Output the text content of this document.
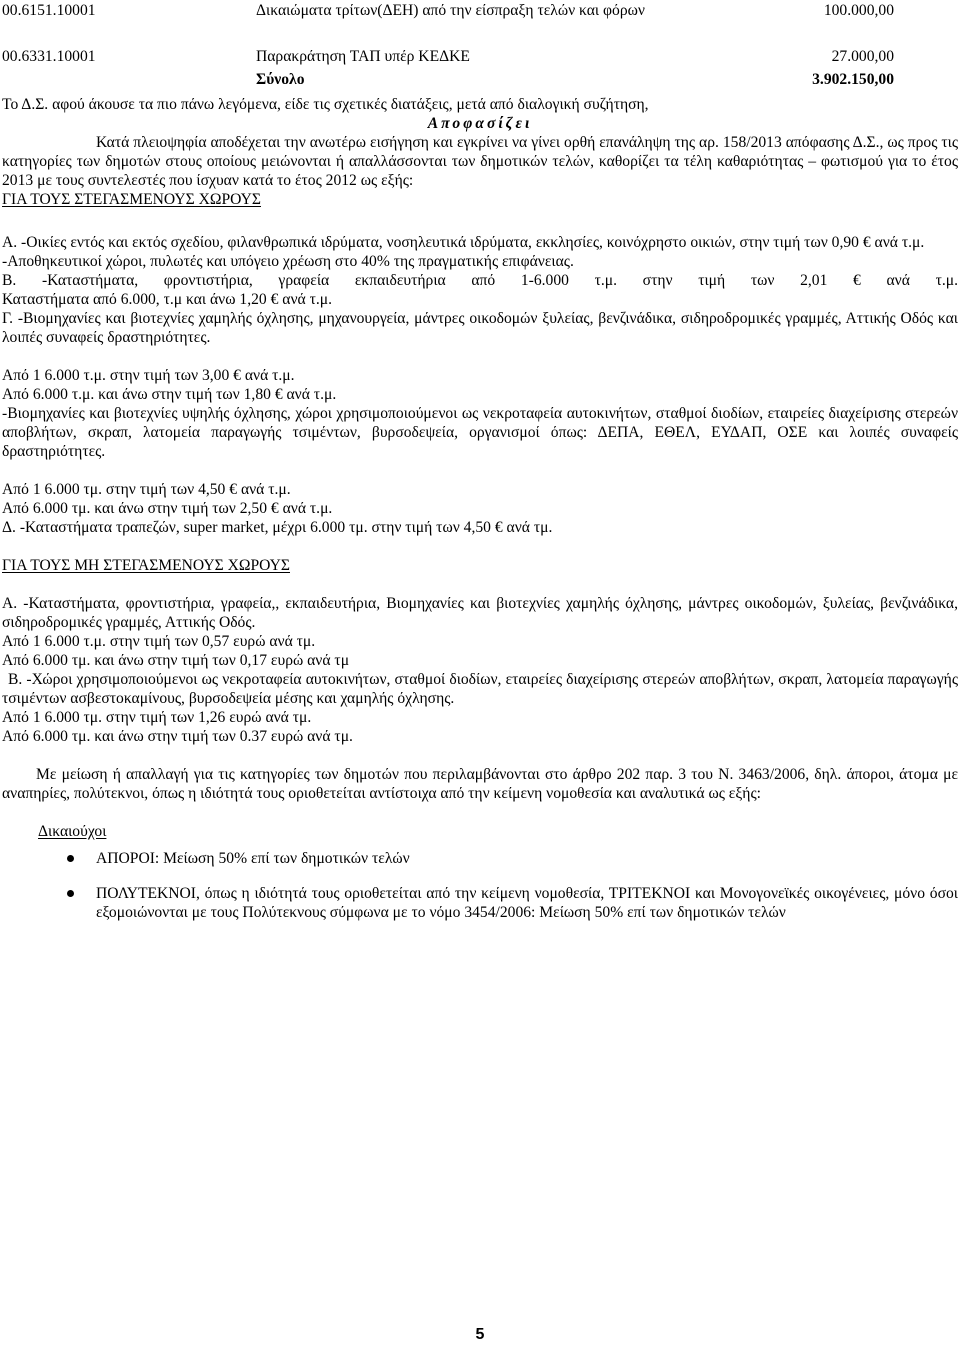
00.6151.10001	Δικαιώματα τρίτων(ΔΕΗ) από την είσπραξη τελών και φόρων	100.000,00
00.6331.10001	Παρακράτηση ΤΑΠ υπέρ ΚΕΔΚΕ	27.000,00
Σύνολο	3.902.150,00

Το Δ.Σ. αφού άκουσε τα πιο πάνω λεγόμενα, είδε τις σχετικές διατάξεις, μετά από διαλογική συζήτηση,

Αποφασίζει

Κατά πλειοψηφία αποδέχεται την ανωτέρω εισήγηση και εγκρίνει να γίνει ορθή επανάληψη της αρ. 158/2013 απόφασης Δ.Σ., ως προς τις κατηγορίες των δημοτών στους οποίους μειώνονται ή απαλλάσσονται των δημοτικών τελών, καθορίζει τα τέλη καθαριότητας – φωτισμού για το έτος 2013 με τους συντελεστές που ίσχυαν κατά το έτος 2012 ως εξής:

ΓΙΑ ΤΟΥΣ ΣΤΕΓΑΣΜΕΝΟΥΣ ΧΩΡΟΥΣ

Α. -Οικίες εντός και εκτός σχεδίου, φιλανθρωπικά ιδρύματα, νοσηλευτικά ιδρύματα, εκκλησίες, κοινόχρηστο οικιών, στην τιμή των 0,90 € ανά τ.μ.

-Αποθηκευτικοί χώροι, πυλωτές και υπόγειο χρέωση στο 40% της πραγματικής επιφάνειας.

Β. -Καταστήματα, φροντιστήρια, γραφεία εκπαιδευτήρια από 1-6.000 τ.μ. στην τιμή των 2,01 € ανά τ.μ.

Καταστήματα από 6.000, τ.μ και άνω 1,20 € ανά τ.μ.

Γ. -Βιομηχανίες και βιοτεχνίες χαμηλής όχλησης, μηχανουργεία, μάντρες οικοδομών ξυλείας, βενζινάδικα, σιδηροδρομικές γραμμές, Αττικής Οδός και λοιπές συναφείς δραστηριότητες.

Από 1 6.000 τ.μ. στην τιμή των 3,00 € ανά τ.μ.

Από 6.000 τ.μ. και άνω στην τιμή των 1,80 € ανά τ.μ.

-Βιομηχανίες και βιοτεχνίες υψηλής όχλησης, χώροι χρησιμοποιούμενοι ως νεκροταφεία αυτοκινήτων, σταθμοί διοδίων, εταιρείες διαχείρισης στερεών αποβλήτων, σκραπ, λατομεία παραγωγής τσιμέντων, βυρσοδεψεία, οργανισμοί όπως: ΔΕΠΑ, ΕΘΕΛ, ΕΥΔΑΠ, ΟΣΕ και λοιπές συναφείς δραστηριότητες.

Από 1 6.000 τμ. στην τιμή των 4,50 € ανά τ.μ.

Από 6.000 τμ. και άνω στην τιμή των 2,50 € ανά τ.μ.

Δ. -Καταστήματα τραπεζών, super market, μέχρι 6.000 τμ. στην τιμή των 4,50 € ανά τμ.

ΓΙΑ ΤΟΥΣ ΜΗ ΣΤΕΓΑΣΜΕΝΟΥΣ ΧΩΡΟΥΣ

Α. -Καταστήματα, φροντιστήρια, γραφεία,, εκπαιδευτήρια, Βιομηχανίες και βιοτεχνίες χαμηλής όχλησης, μάντρες οικοδομών, ξυλείας, βενζινάδικα, σιδηροδρομικές γραμμές, Αττικής Οδός.

Από 1 6.000 τ.μ. στην τιμή των 0,57 ευρώ ανά τμ.

Από 6.000 τμ. και άνω στην τιμή των 0,17 ευρώ ανά τμ

Β. -Χώροι χρησιμοποιούμενοι ως νεκροταφεία αυτοκινήτων, σταθμοί διοδίων, εταιρείες διαχείρισης στερεών αποβλήτων, σκραπ, λατομεία παραγωγής τσιμέντων ασβεστοκαμίνους, βυρσοδεψεία μέσης και χαμηλής όχλησης.

Από 1 6.000 τμ. στην τιμή των 1,26 ευρώ ανά τμ.

Από 6.000 τμ. και άνω στην τιμή των 0.37 ευρώ ανά τμ.

Με μείωση ή απαλλαγή για τις κατηγορίες των δημοτών που περιλαμβάνονται στο άρθρο 202 παρ. 3 του Ν. 3463/2006, δηλ. άποροι, άτομα με αναπηρίες, πολύτεκνοι, όπως η ιδιότητά τους οριοθετείται αντίστοιχα από την κείμενη νομοθεσία και αναλυτικά ως εξής:

Δικαιούχοι

ΑΠΟΡΟΙ: Μείωση 50% επί των δημοτικών τελών
ΠΟΛΥΤΕΚΝΟΙ, όπως η ιδιότητά τους οριοθετείται από την κείμενη νομοθεσία, ΤΡΙΤΕΚΝΟΙ και Μονογονεϊκές οικογένειες, μόνο όσοι εξομοιώνονται με τους Πολύτεκνους σύμφωνα με το νόμο 3454/2006: Μείωση 50% επί των δημοτικών τελών
5
